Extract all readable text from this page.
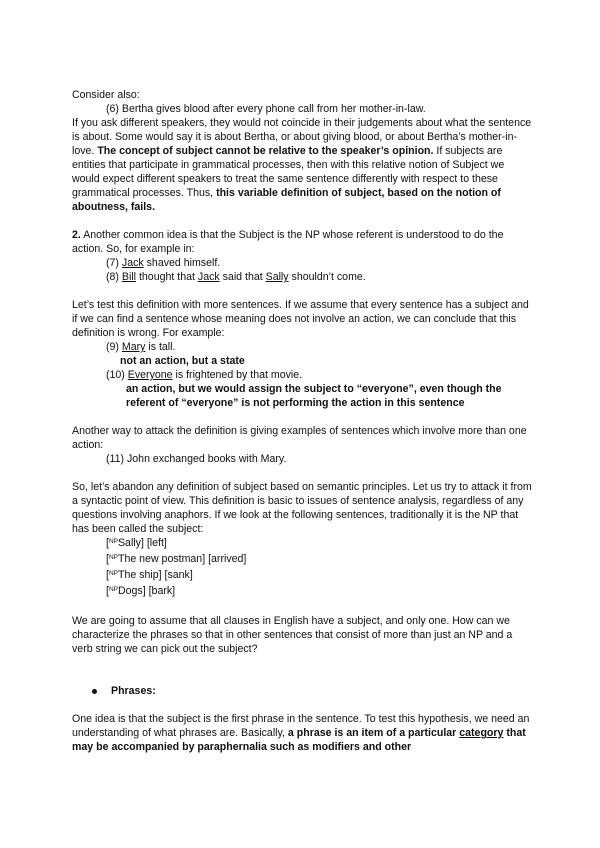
Consider also:

(6) Bertha gives blood after every phone call from her mother-in-law.

If you ask different speakers, they would not coincide in their judgements about what the sentence is about. Some would say it is about Bertha, or about giving blood, or about Bertha’s mother-in-love. The concept of subject cannot be relative to the speaker’s opinion. If subjects are entities that participate in grammatical processes, then with this relative notion of Subject we would expect different speakers to treat the same sentence differently with respect to these grammatical processes. Thus, this variable definition of subject, based on the notion of aboutness, fails.

2. Another common idea is that the Subject is the NP whose referent is understood to do the action. So, for example in:

(7) Jack shaved himself.

(8) Bill thought that Jack said that Sally shouldn’t come.

Let’s test this definition with more sentences. If we assume that every sentence has a subject and if we can find a sentence whose meaning does not involve an action, we can conclude that this definition is wrong. For example:

(9) Mary is tall.

not an action, but a state

(10) Everyone is frightened by that movie.

an action, but we would assign the subject to “everyone”, even though the referent of “everyone” is not performing the action in this sentence

Another way to attack the definition is giving examples of sentences which involve more than one action:

(11) John exchanged books with Mary.

So, let’s abandon any definition of subject based on semantic principles. Let us try to attack it from a syntactic point of view. This definition is basic to issues of sentence analysis, regardless of any questions involving anaphors. If we look at the following sentences, traditionally it is the NP that has been called the subject:

[$^{NP}$Sally] [left]

[$^{NP}$The new postman] [arrived]

[$^{NP}$The ship] [sank]

[$^{NP}$Dogs] [bark]

We are going to assume that all clauses in English have a subject, and only one. How can we characterize the phrases so that in other sentences that consist of more than just an NP and a verb string we can pick out the subject?

Phrases:

One idea is that the subject is the first phrase in the sentence. To test this hypothesis, we need an understanding of what phrases are. Basically, a phrase is an item of a particular category that may be accompanied by paraphernalia such as modifiers and other
